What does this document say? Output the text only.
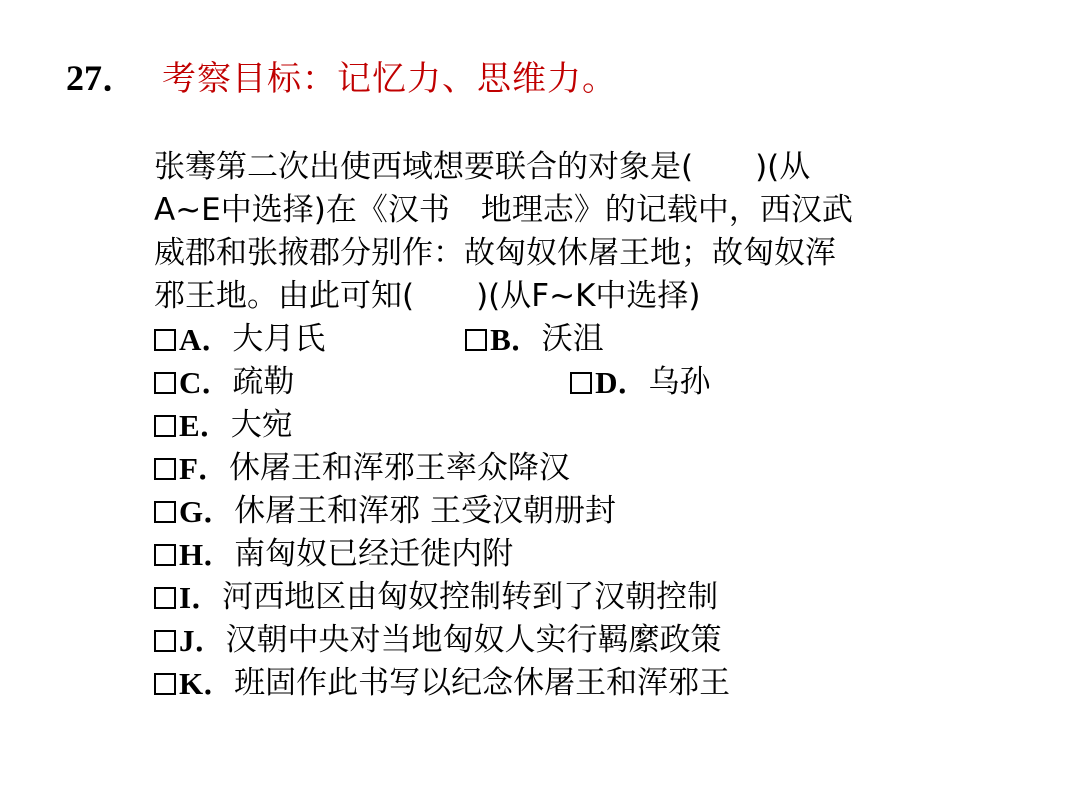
27． 考察目标：记忆力、思维力。
张骞第二次出使西域想要联合的对象是(　　)(从
A~E中选择)在《汉书　地理志》的记载中，西汉武
威郡和张掖郡分别作：故匈奴休屠王地；故匈奴浑
邪王地。由此可知(　　)(从F~K中选择)
A． 大月氏
	B． 沃沮
C． 疏勒
	D． 乌孙
E． 大宛
F． 休屠王和浑邪王率众降汉
G． 休屠王和浑邪 王受汉朝册封
H． 南匈奴已经迁徙内附
I． 河西地区由匈奴控制转到了汉朝控制
J． 汉朝中央对当地匈奴人实行羁縻政策
K． 班固作此书写以纪念休屠王和浑邪王
